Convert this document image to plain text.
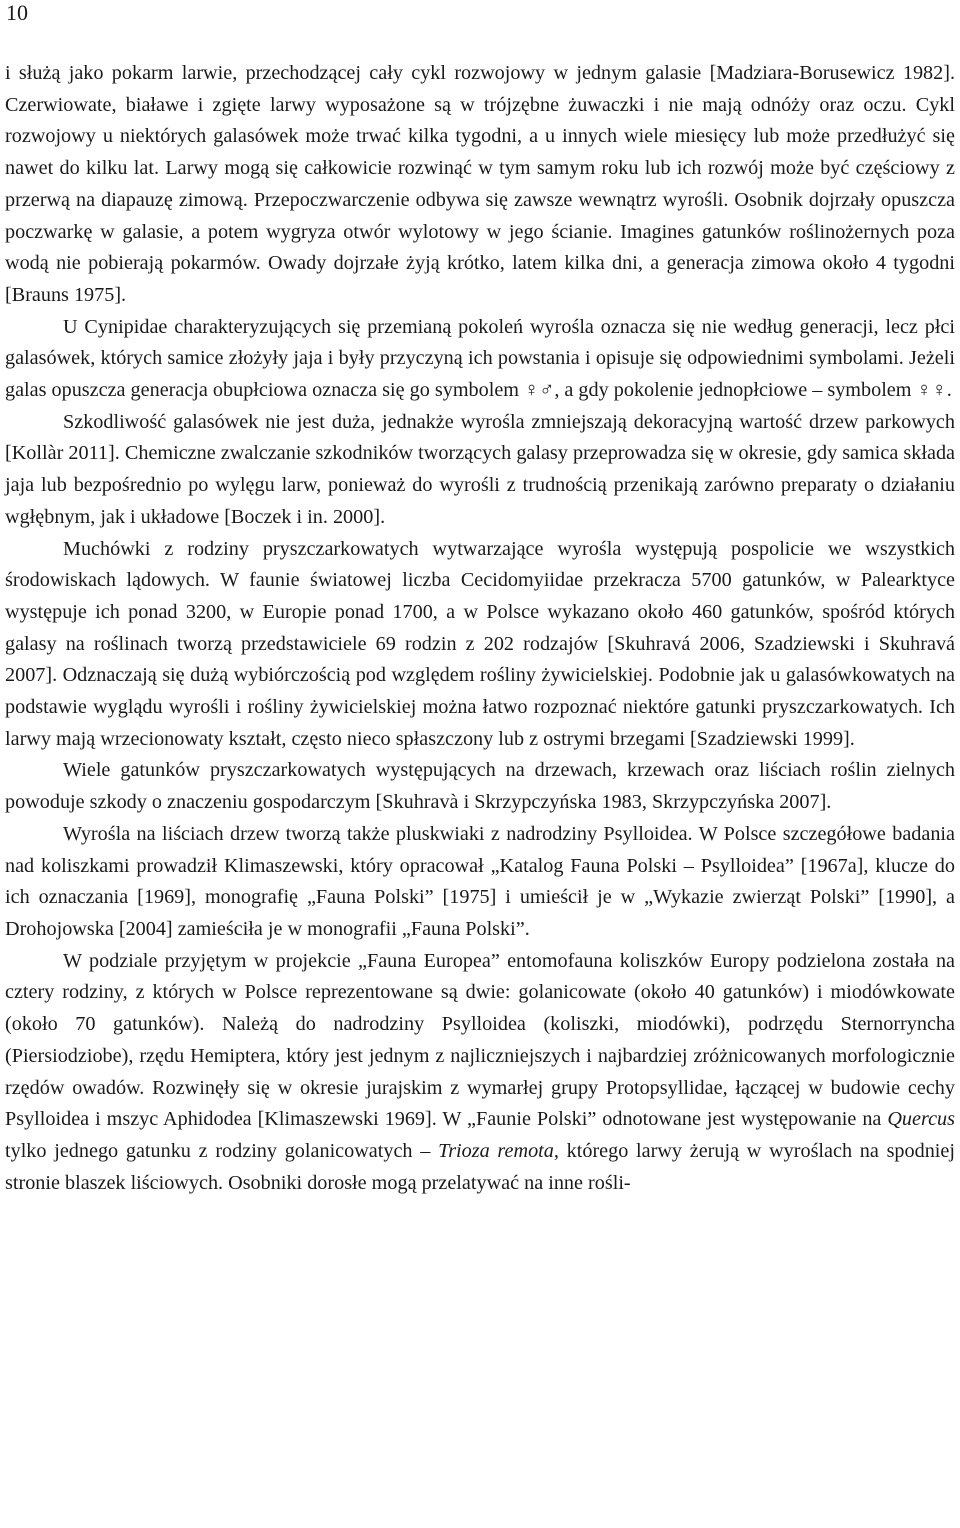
10

i służą jako pokarm larwie, przechodzącej cały cykl rozwojowy w jednym galasie [Madziara-Borusewicz 1982]. Czerwiowate, białawe i zgięte larwy wyposażone są w trójzębne żuwaczki i nie mają odnóży oraz oczu. Cykl rozwojowy u niektórych galasówek może trwać kilka tygodni, a u innych wiele miesięcy lub może przedłużyć się nawet do kilku lat. Larwy mogą się całkowicie rozwinąć w tym samym roku lub ich rozwój może być częściowy z przerwą na diapauzę zimową. Przepoczwarczenie odbywa się zawsze wewnątrz wyrośli. Osobnik dojrzały opuszcza poczwarkę w galasie, a potem wygryza otwór wylotowy w jego ścianie. Imagines gatunków roślinożernych poza wodą nie pobierają pokarmów. Owady dojrzałe żyją krótko, latem kilka dni, a generacja zimowa około 4 tygodni [Brauns 1975].

U Cynipidae charakteryzujących się przemianą pokoleń wyrośla oznacza się nie według generacji, lecz płci galasówek, których samice złożyły jaja i były przyczyną ich powstania i opisuje się odpowiednimi symbolami. Jeżeli galas opuszcza generacja obupłciowa oznacza się go symbolem ♀♂, a gdy pokolenie jednopłciowe – symbolem ♀♀.

Szkodliwość galasówek nie jest duża, jednakże wyrośla zmniejszają dekoracyjną wartość drzew parkowych [Kollàr 2011]. Chemiczne zwalczanie szkodników tworzących galasy przeprowadza się w okresie, gdy samica składa jaja lub bezpośrednio po wylęgu larw, ponieważ do wyrośli z trudnością przenikają zarówno preparaty o działaniu wgłębnym, jak i układowe [Boczek i in. 2000].

Muchówki z rodziny pryszczarkowatych wytwarzające wyrośla występują pospolicie we wszystkich środowiskach lądowych. W faunie światowej liczba Cecidomyiidae przekracza 5700 gatunków, w Palearktyce występuje ich ponad 3200, w Europie ponad 1700, a w Polsce wykazano około 460 gatunków, spośród których galasy na roślinach tworzą przedstawiciele 69 rodzin z 202 rodzajów [Skuhravá 2006, Szadziewski i Skuhravá 2007]. Odznaczają się dużą wybiórczością pod względem rośliny żywicielskiej. Podobnie jak u galasówkowatych na podstawie wyglądu wyrośli i rośliny żywicielskiej można łatwo rozpoznać niektóre gatunki pryszczarkowatych. Ich larwy mają wrzecionowaty kształt, często nieco spłaszczony lub z ostrymi brzegami [Szadziewski 1999].

Wiele gatunków pryszczarkowatych występujących na drzewach, krzewach oraz liściach roślin zielnych powoduje szkody o znaczeniu gospodarczym [Skuhravà i Skrzypczyńska 1983, Skrzypczyńska 2007].

Wyrośla na liściach drzew tworzą także pluskwiaki z nadrodziny Psylloidea. W Polsce szczegółowe badania nad koliszkami prowadził Klimaszewski, który opracował „Katalog Fauna Polski – Psylloidea” [1967a], klucze do ich oznaczania [1969], monografię „Fauna Polski” [1975] i umieścił je w „Wykazie zwierząt Polski” [1990], a Drohojowska [2004] zamieściła je w monografii „Fauna Polski”.

W podziale przyjętym w projekcie „Fauna Europea” entomofauna koliszków Europy podzielona została na cztery rodziny, z których w Polsce reprezentowane są dwie: golanicowate (około 40 gatunków) i miodówkowate (około 70 gatunków). Należą do nadrodziny Psylloidea (koliszki, miodówki), podrzędu Sternorryncha (Piersiodziobe), rzędu Hemiptera, który jest jednym z najliczniejszych i najbardziej zróżnicowanych morfologicznie rzędów owadów. Rozwinęły się w okresie jurajskim z wymarłej grupy Protopsyllidae, łączącej w budowie cechy Psylloidea i mszyc Aphidodea [Klimaszewski 1969]. W „Faunie Polski” odnotowane jest występowanie na Quercus tylko jednego gatunku z rodziny golanicowatych – Trioza remota, którego larwy żerują w wyroślach na spodniej stronie blaszek liściowych. Osobniki dorosłe mogą przelatywać na inne rośli-
